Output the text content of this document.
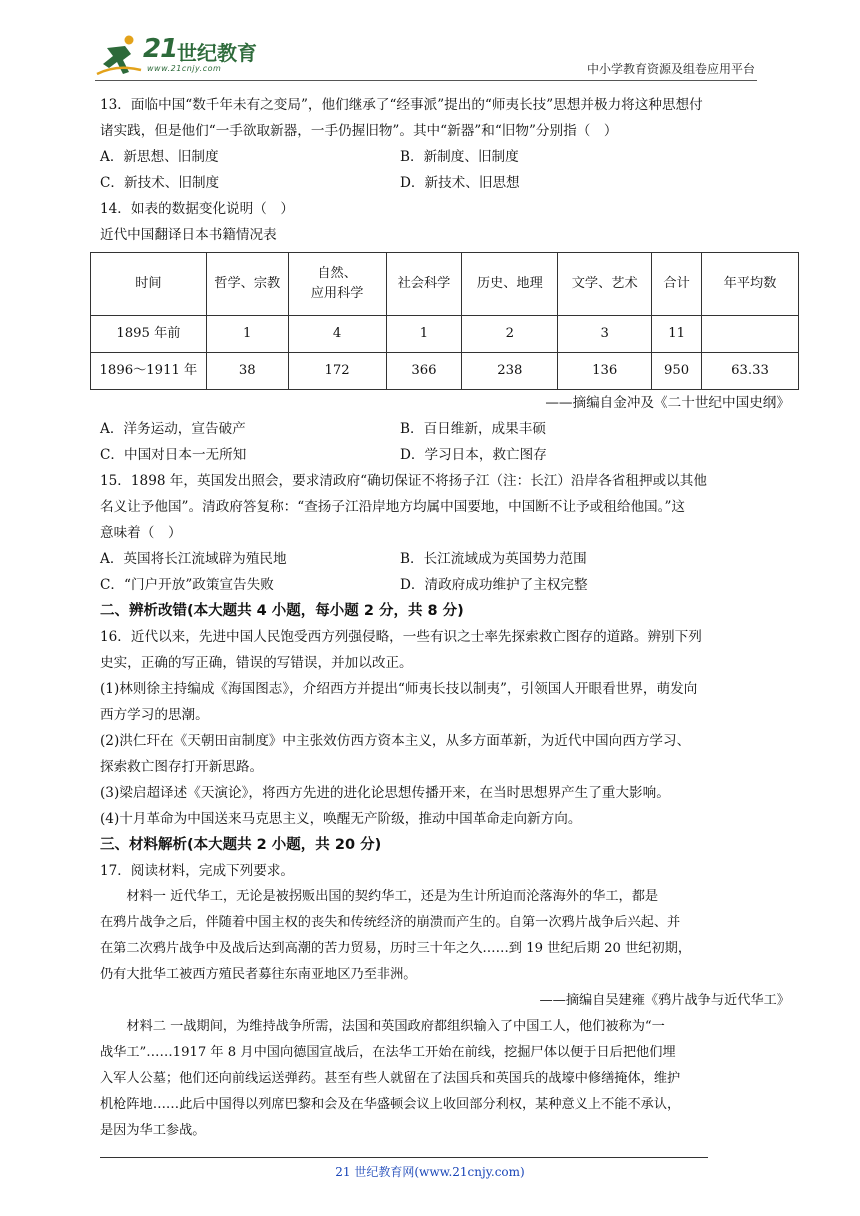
21 世纪教育
www.21cnjy.com	中小学教育资源及组卷应用平台

13．面临中国“数千年未有之变局”，他们继承了“经事派”提出的“师夷长技”思想并极力将这种思想付

诸实践，但是他们“一手欲取新器，一手仍握旧物”。其中“新器”和“旧物”分别指（　）

A．新思想、旧制度	B．新制度、旧制度
C．新技术、旧制度	D．新技术、旧思想

14．如表的数据变化说明（　）

近代中国翻译日本书籍情况表

时间	哲学、宗教	自然、
应用科学	社会科学	历史、地理	文学、艺术	合计	年平均数
1895 年前	1	4	1	2	3	11	
1896～1911 年	38	172	366	238	136	950	63.33

——摘编自金冲及《二十世纪中国史纲》

A．洋务运动，宣告破产	B．百日维新，成果丰硕
C．中国对日本一无所知	D．学习日本，救亡图存

15．1898 年，英国发出照会，要求清政府“确切保证不将扬子江（注：长江）沿岸各省租押或以其他

名义让予他国”。清政府答复称：“查扬子江沿岸地方均属中国要地，中国断不让予或租给他国。”这

意味着（　）

A．英国将长江流域辟为殖民地	B．长江流域成为英国势力范围
C．“门户开放”政策宣告失败	D．清政府成功维护了主权完整

二、辨析改错(本大题共 4 小题，每小题 2 分，共 8 分)

16．近代以来，先进中国人民饱受西方列强侵略，一些有识之士率先探索救亡图存的道路。辨别下列

史实，正确的写正确，错误的写错误，并加以改正。

(1)林则徐主持编成《海国图志》，介绍西方并提出“师夷长技以制夷”，引领国人开眼看世界，萌发向

西方学习的思潮。

(2)洪仁玕在《天朝田亩制度》中主张效仿西方资本主义，从多方面革新，为近代中国向西方学习、

探索救亡图存打开新思路。

(3)梁启超译述《天演论》，将西方先进的进化论思想传播开来，在当时思想界产生了重大影响。

(4)十月革命为中国送来马克思主义，唤醒无产阶级，推动中国革命走向新方向。

三、材料解析(本大题共 2 小题，共 20 分)

17．阅读材料，完成下列要求。

材料一 近代华工，无论是被拐贩出国的契约华工，还是为生计所迫而沦落海外的华工，都是

在鸦片战争之后，伴随着中国主权的丧失和传统经济的崩溃而产生的。自第一次鸦片战争后兴起、并

在第二次鸦片战争中及战后达到高潮的苦力贸易，历时三十年之久……到 19 世纪后期 20 世纪初期，

仍有大批华工被西方殖民者募往东南亚地区乃至非洲。

——摘编自吴建雍《鸦片战争与近代华工》

材料二 一战期间，为维持战争所需，法国和英国政府都组织输入了中国工人，他们被称为“一

战华工”……1917 年 8 月中国向德国宣战后，在法华工开始在前线，挖掘尸体以便于日后把他们埋

入军人公墓；他们还向前线运送弹药。甚至有些人就留在了法国兵和英国兵的战壕中修缮掩体，维护

机枪阵地……此后中国得以列席巴黎和会及在华盛顿会议上收回部分利权，某种意义上不能不承认，

是因为华工参战。

21 世纪教育网(www.21cnjy.com)
